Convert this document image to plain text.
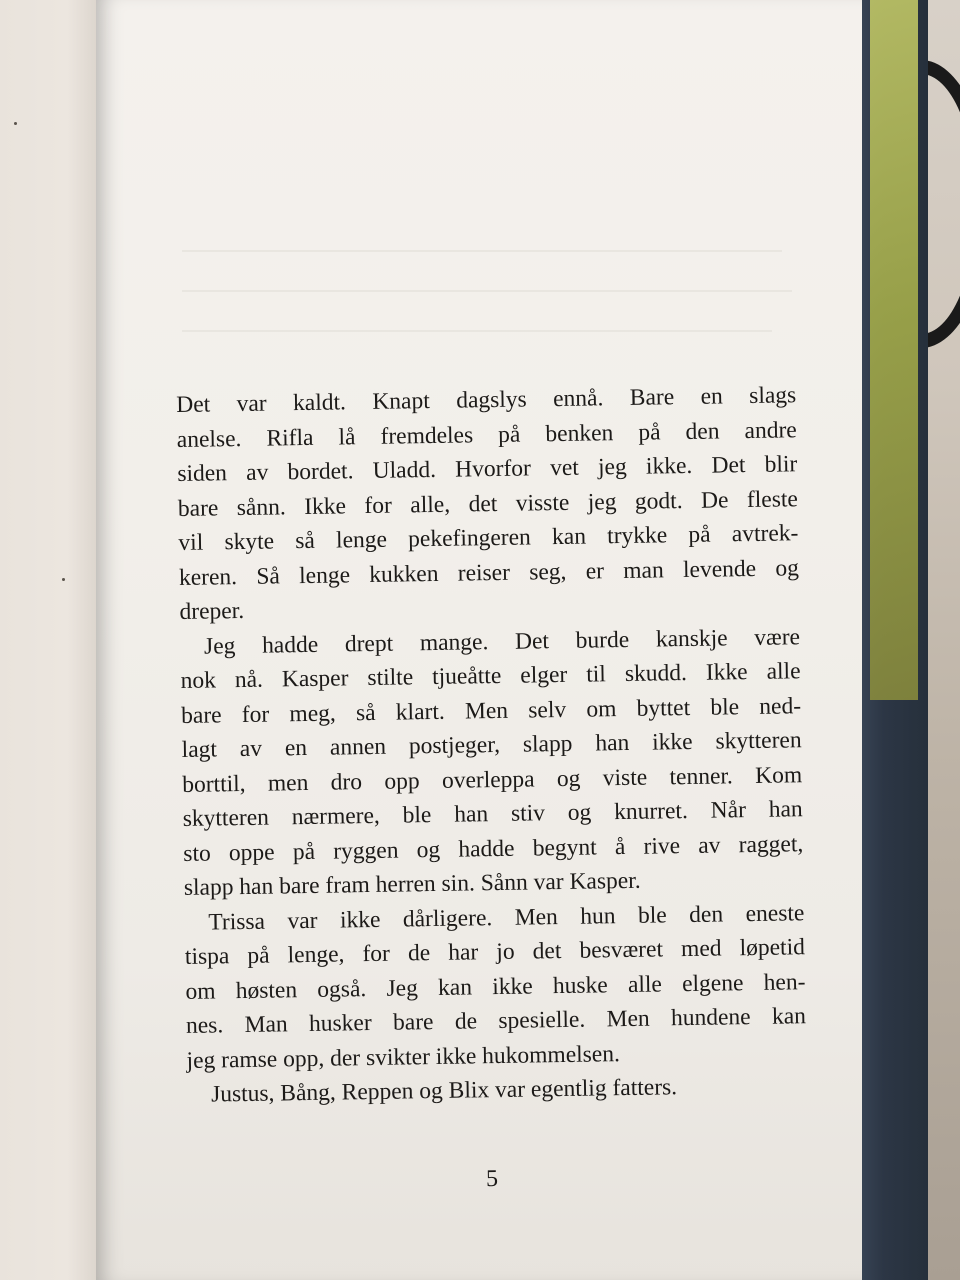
Det var kaldt. Knapt dagslys ennå. Bare en slags
anelse. Rifla lå fremdeles på benken på den andre
siden av bordet. Uladd. Hvorfor vet jeg ikke. Det blir
bare sånn. Ikke for alle, det visste jeg godt. De fleste
vil skyte så lenge pekefingeren kan trykke på avtrek-
keren. Så lenge kukken reiser seg, er man levende og
dreper.

Jeg hadde drept mange. Det burde kanskje være
nok nå. Kasper stilte tjueåtte elger til skudd. Ikke alle
bare for meg, så klart. Men selv om byttet ble ned-
lagt av en annen postjeger, slapp han ikke skytteren
borttil, men dro opp overleppa og viste tenner. Kom
skytteren nærmere, ble han stiv og knurret. Når han
sto oppe på ryggen og hadde begynt å rive av ragget,
slapp han bare fram herren sin. Sånn var Kasper.

Trissa var ikke dårligere. Men hun ble den eneste
tispa på lenge, for de har jo det besværet med løpetid
om høsten også. Jeg kan ikke huske alle elgene hen-
nes. Man husker bare de spesielle. Men hundene kan
jeg ramse opp, der svikter ikke hukommelsen.

Justus, Bång, Reppen og Blix var egentlig fatters.

5
